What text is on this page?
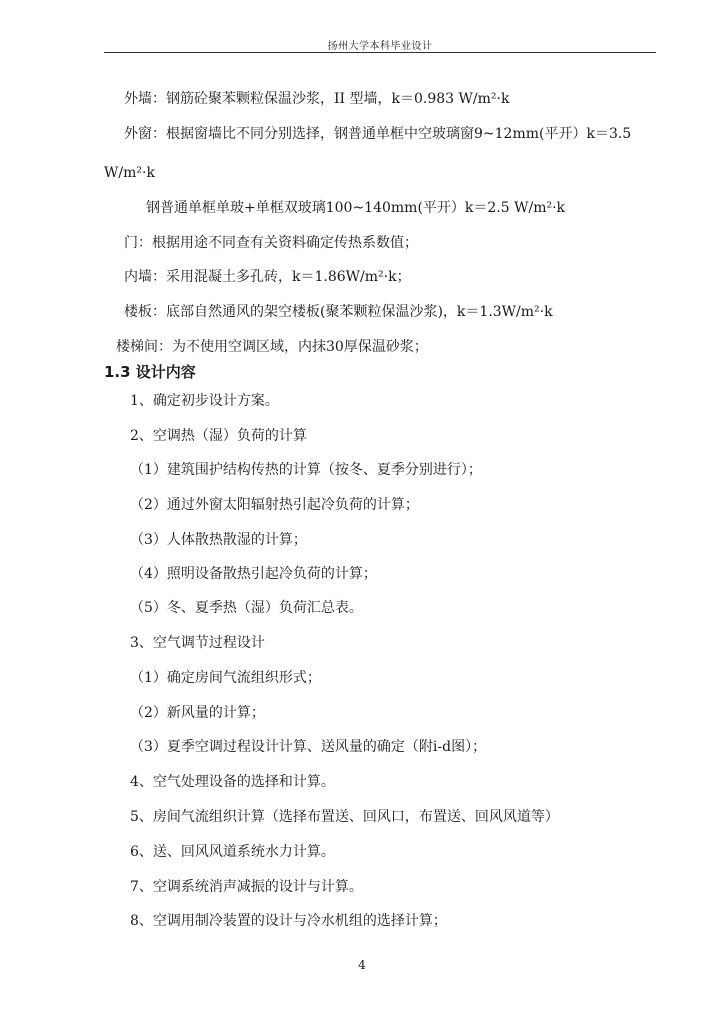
扬州大学本科毕业设计
外墙：钢筋砼聚苯颗粒保温沙浆，II 型墙，k＝0.983 W/m²·k
外窗：根据窗墙比不同分别选择，钢普通单框中空玻璃窗9~12mm(平开）k＝3.5
W/m²·k
钢普通单框单玻+单框双玻璃100~140mm(平开）k＝2.5 W/m²·k
门：根据用途不同查有关资料确定传热系数值；
内墙：采用混凝土多孔砖，k＝1.86W/m²·k；
楼板：底部自然通风的架空楼板(聚苯颗粒保温沙浆)，k＝1.3W/m²·k
楼梯间：为不使用空调区域，内抹30厚保温砂浆；
1.3 设计内容
1、确定初步设计方案。
2、空调热（湿）负荷的计算
（1）建筑围护结构传热的计算（按冬、夏季分别进行）；
（2）通过外窗太阳辐射热引起冷负荷的计算；
（3）人体散热散湿的计算；
（4）照明设备散热引起冷负荷的计算；
（5）冬、夏季热（湿）负荷汇总表。
3、空气调节过程设计
（1）确定房间气流组织形式；
（2）新风量的计算；
（3）夏季空调过程设计计算、送风量的确定（附i-d图）；
4、空气处理设备的选择和计算。
5、房间气流组织计算（选择布置送、回风口，布置送、回风风道等）
6、送、回风风道系统水力计算。
7、空调系统消声减振的设计与计算。
8、空调用制冷装置的设计与冷水机组的选择计算；
4
